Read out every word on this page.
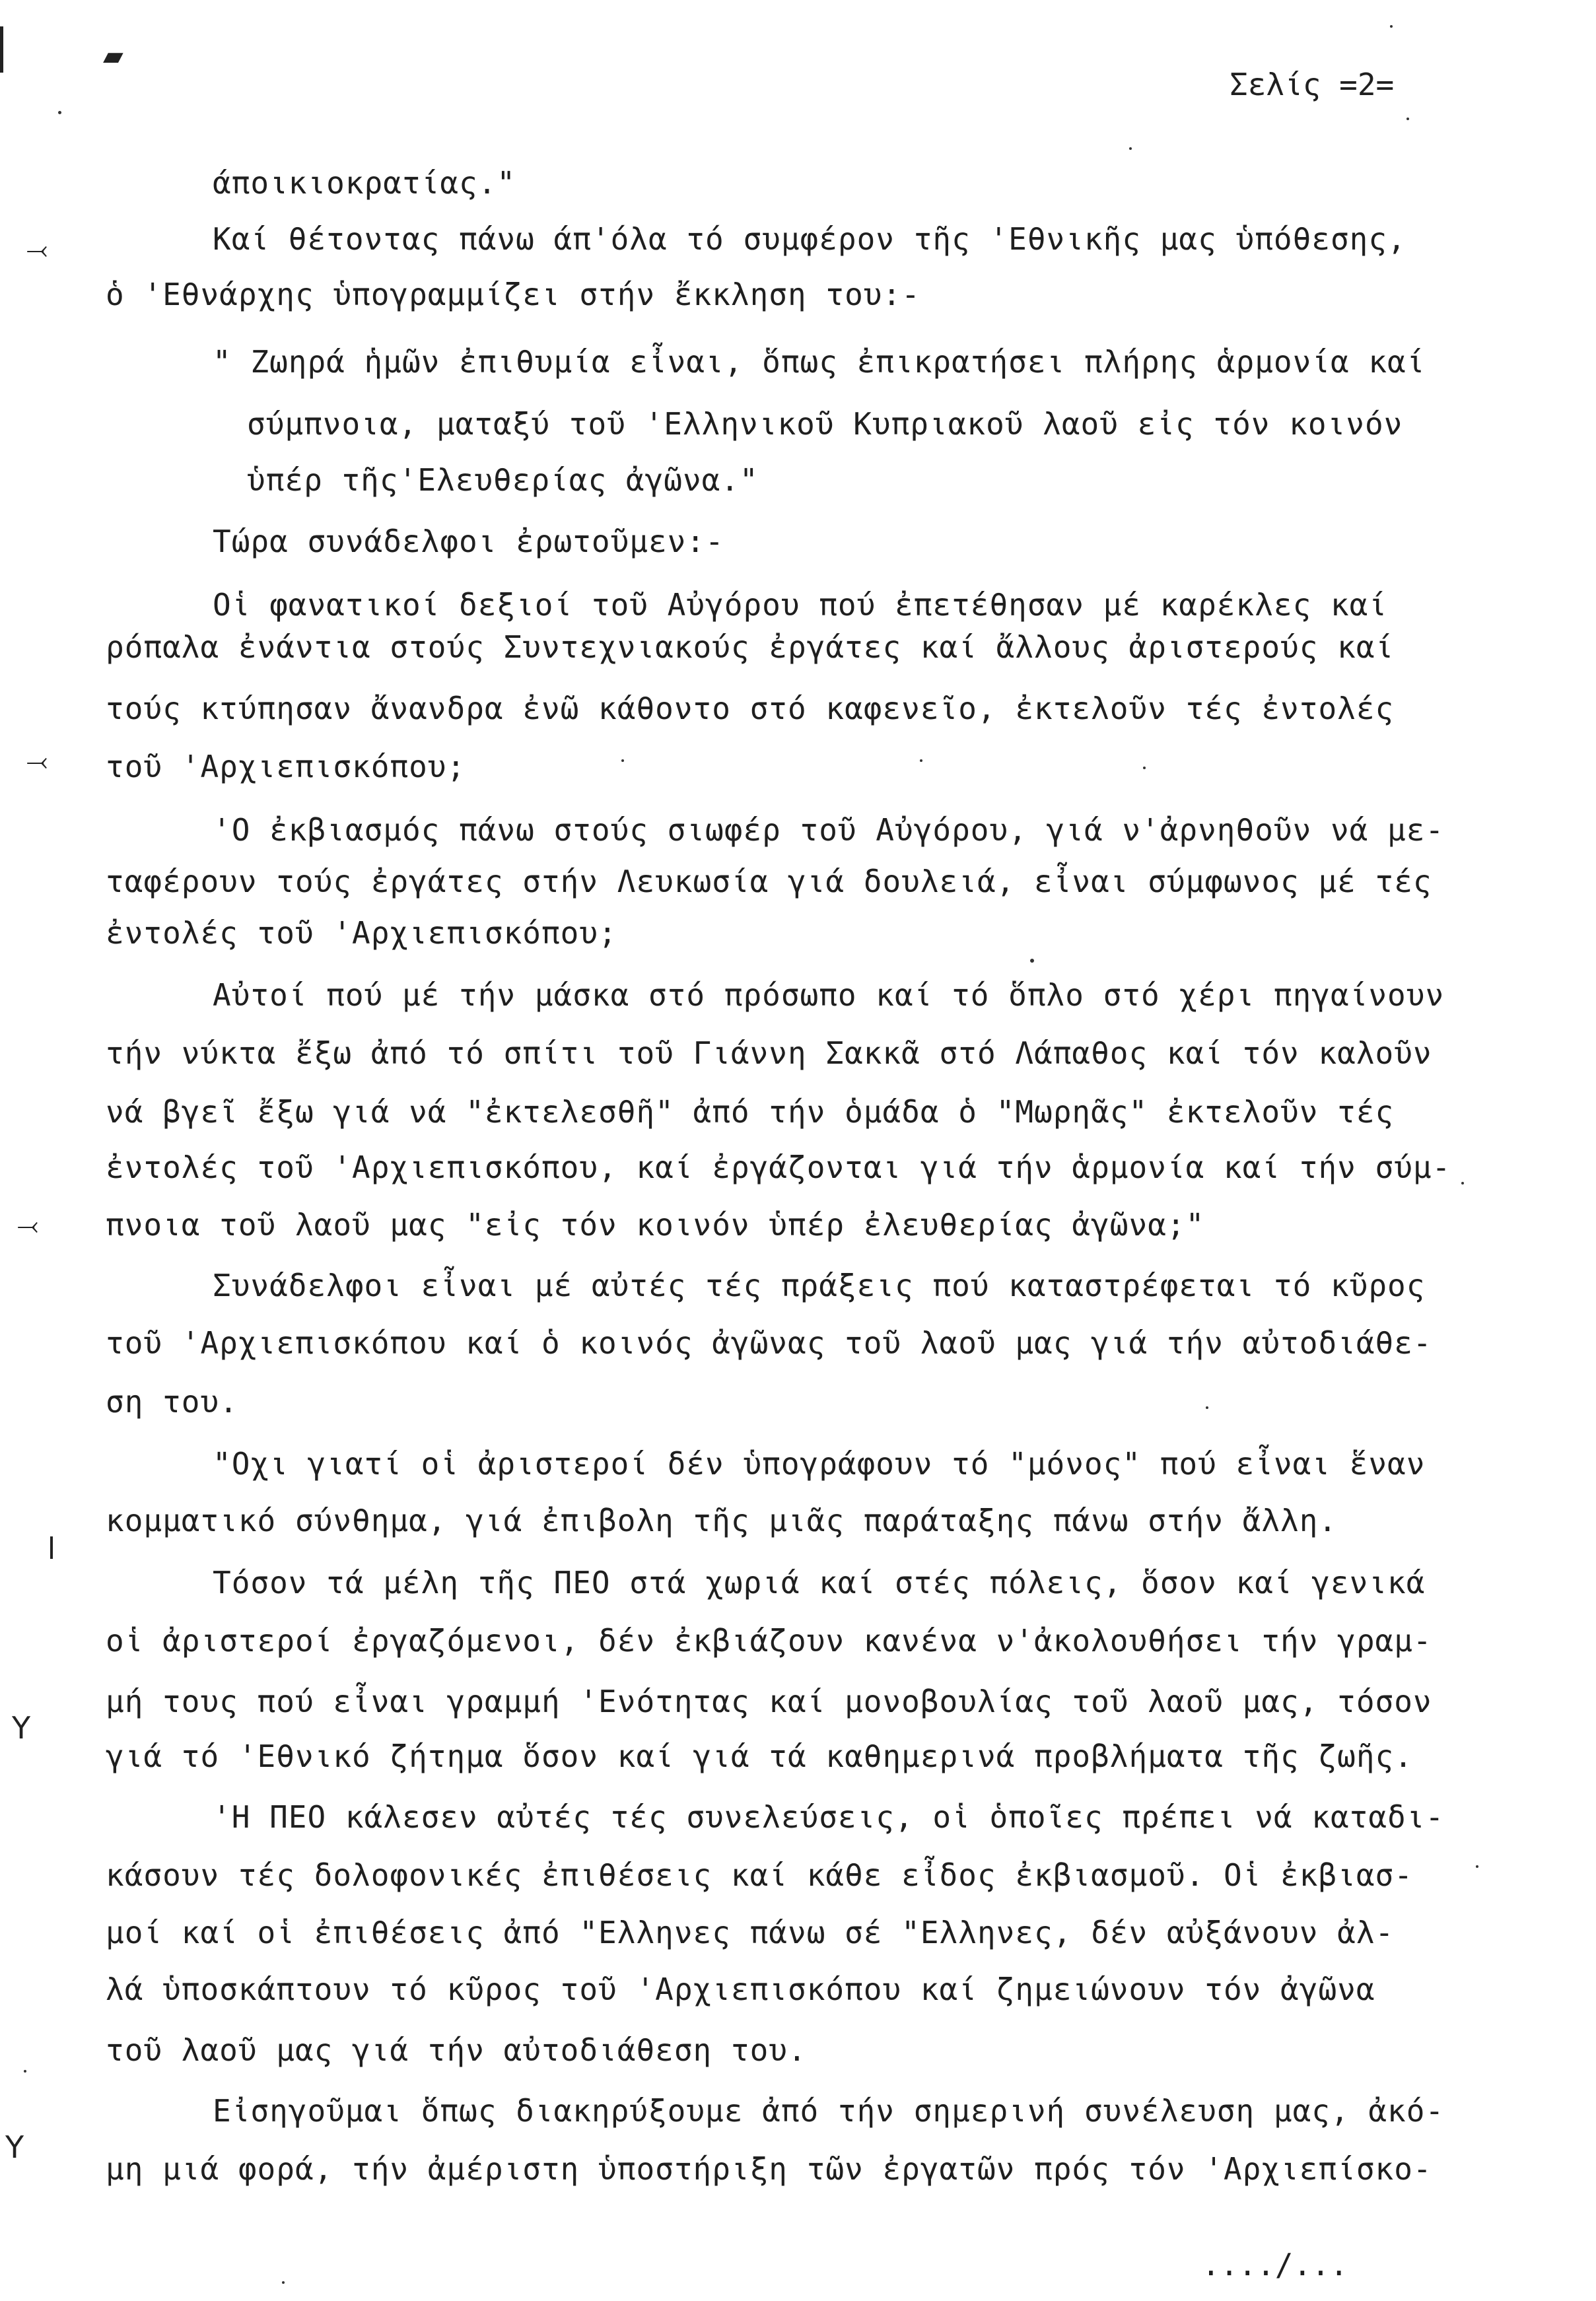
Σελίς =2=
άποικιοκρατίας."
Καί θέτοντας πάνω άπ'όλα τό συμφέρον τῆς 'Εθνικῆς μας ὑπόθεσης,
ὁ 'Εθνάρχης ὑπογραμμίζει στήν ἔκκληση του:-
" Ζωηρά ἡμῶν ἐπιθυμία εἶναι, ὅπως ἐπικρατήσει πλήρης ἁρμονία καί
σύμπνοια, ματαξύ τοῦ 'Ελληνικοῦ Κυπριακοῦ λαοῦ εἰς τόν κοινόν
ὑπέρ τῆς'Ελευθερίας ἀγῶνα."
Τώρα συνάδελφοι ἐρωτοῦμεν:-
Οἱ φανατικοί δεξιοί τοῦ Αὐγόρου πού ἐπετέθησαν μέ καρέκλες καί
ρόπαλα ἐνάντια στούς Συντεχνιακούς ἐργάτες καί ἄλλους ἀριστερούς καί
τούς κτύπησαν ἄνανδρα ἐνῶ κάθοντο στό καφενεῖο, ἐκτελοῦν τές ἐντολές
τοῦ 'Αρχιεπισκόπου;
'Ο ἐκβιασμός πάνω στούς σιωφέρ τοῦ Αὐγόρου, γιά ν'ἀρνηθοῦν νά με-
ταφέρουν τούς ἐργάτες στήν Λευκωσία γιά δουλειά, εἶναι σύμφωνος μέ τές
ἐντολές τοῦ 'Αρχιεπισκόπου;
Αὐτοί πού μέ τήν μάσκα στό πρόσωπο καί τό ὅπλο στό χέρι πηγαίνουν
τήν νύκτα ἔξω ἀπό τό σπίτι τοῦ Γιάννη Σακκᾶ στό Λάπαθος καί τόν καλοῦν
νά βγεῖ ἔξω γιά νά "ἐκτελεσθῆ" ἀπό τήν ὁμάδα ὁ "Μωρηᾶς" ἐκτελοῦν τές
ἐντολές τοῦ 'Αρχιεπισκόπου, καί ἐργάζονται γιά τήν ἁρμονία καί τήν σύμ-
πνοια τοῦ λαοῦ μας "εἰς τόν κοινόν ὑπέρ ἐλευθερίας ἀγῶνα;"
Συνάδελφοι εἶναι μέ αὐτές τές πράξεις πού καταστρέφεται τό κῦρος
τοῦ 'Αρχιεπισκόπου καί ὁ κοινός ἀγῶνας τοῦ λαοῦ μας γιά τήν αὐτοδιάθε-
ση του.
"Οχι γιατί οἱ ἀριστεροί δέν ὑπογράφουν τό "μόνος" πού εἶναι ἕναν
κομματικό σύνθημα, γιά ἐπιβολη τῆς μιᾶς παράταξης πάνω στήν ἄλλη.
Τόσον τά μέλη τῆς ΠΕΟ στά χωριά καί στές πόλεις, ὅσον καί γενικά
οἱ ἀριστεροί ἐργαζόμενοι, δέν ἐκβιάζουν κανένα ν'ἀκολουθήσει τήν γραμ-
μή τους πού εἶναι γραμμή 'Ενότητας καί μονοβουλίας τοῦ λαοῦ μας, τόσον
γιά τό 'Εθνικό ζήτημα ὅσον καί γιά τά καθημερινά προβλήματα τῆς ζωῆς.
'Η ΠΕΟ κάλεσεν αὐτές τές συνελεύσεις, οἱ ὁποῖες πρέπει νά καταδι-
κάσουν τές δολοφονικές ἐπιθέσεις καί κάθε εἶδος ἐκβιασμοῦ. Οἱ ἐκβιασ-
μοί καί οἱ ἐπιθέσεις ἀπό "Ελληνες πάνω σέ "Ελληνες, δέν αὐξάνουν ἀλ-
λά ὑποσκάπτουν τό κῦρος τοῦ 'Αρχιεπισκόπου καί ζημειώνουν τόν ἀγῶνα
τοῦ λαοῦ μας γιά τήν αὐτοδιάθεση του.
Εἰσηγοῦμαι ὅπως διακηρύξουμε ἀπό τήν σημερινή συνέλευση μας, ἀκό-
μη μιά φορά, τήν ἀμέριστη ὑποστήριξη τῶν ἐργατῶν πρός τόν 'Αρχιεπίσκο-
..../...
▰
⤙
⤙
⤙
Υ
Υ
